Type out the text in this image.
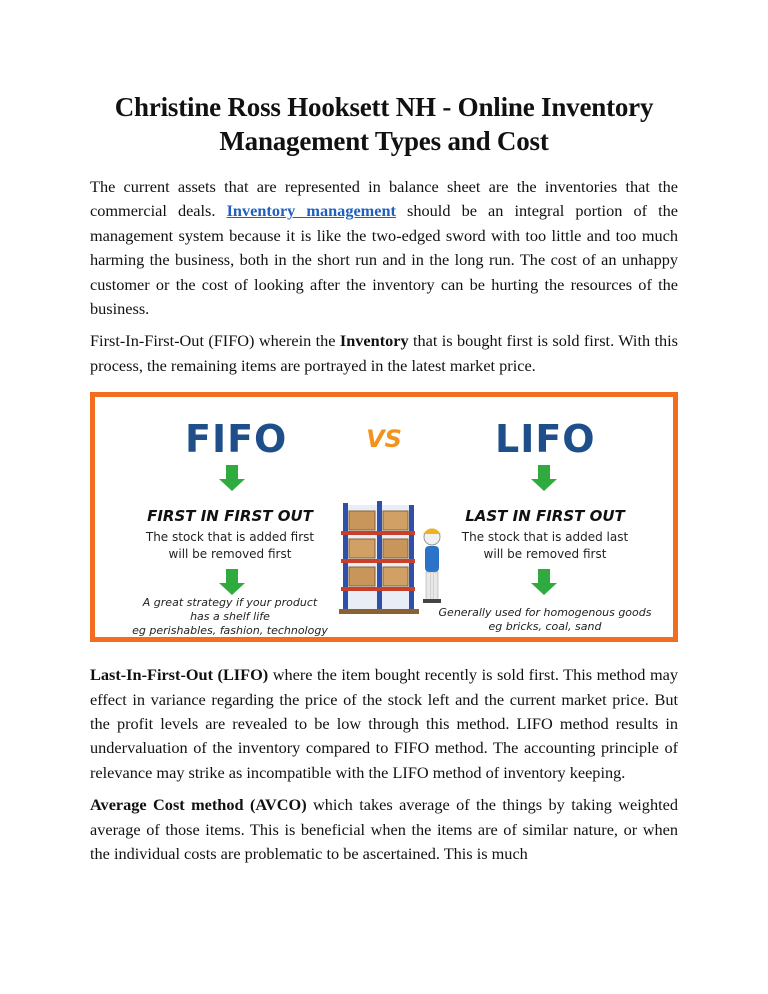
Christine Ross Hooksett NH - Online Inventory Management Types and Cost

The current assets that are represented in balance sheet are the inventories that the commercial deals. Inventory management should be an integral portion of the management system because it is like the two-edged sword with too little and too much harming the business, both in the short run and in the long run. The cost of an unhappy customer or the cost of looking after the inventory can be hurting the resources of the business.

First-In-First-Out (FIFO) wherein the Inventory that is bought first is sold first. With this process, the remaining items are portrayed in the latest market price.

FIFO	VS LIFO
FIRST IN FIRST OUT
The stock that is added first
will be removed first
LAST IN FIRST OUT
The stock that is added last
will be removed first
A great strategy if your product
has a shelf life	Generally used for homogenous goods
eg bricks, coal, sand
eg perishables, fashion, technology

Last-In-First-Out (LIFO) where the item bought recently is sold first. This method may effect in variance regarding the price of the stock left and the current market price. But the profit levels are revealed to be low through this method. LIFO method results in undervaluation of the inventory compared to FIFO method. The accounting principle of relevance may strike as incompatible with the LIFO method of inventory keeping.

Average Cost method (AVCO) which takes average of the things by taking weighted average of those items. This is beneficial when the items are of similar nature, or when the individual costs are problematic to be ascertained. This is much
